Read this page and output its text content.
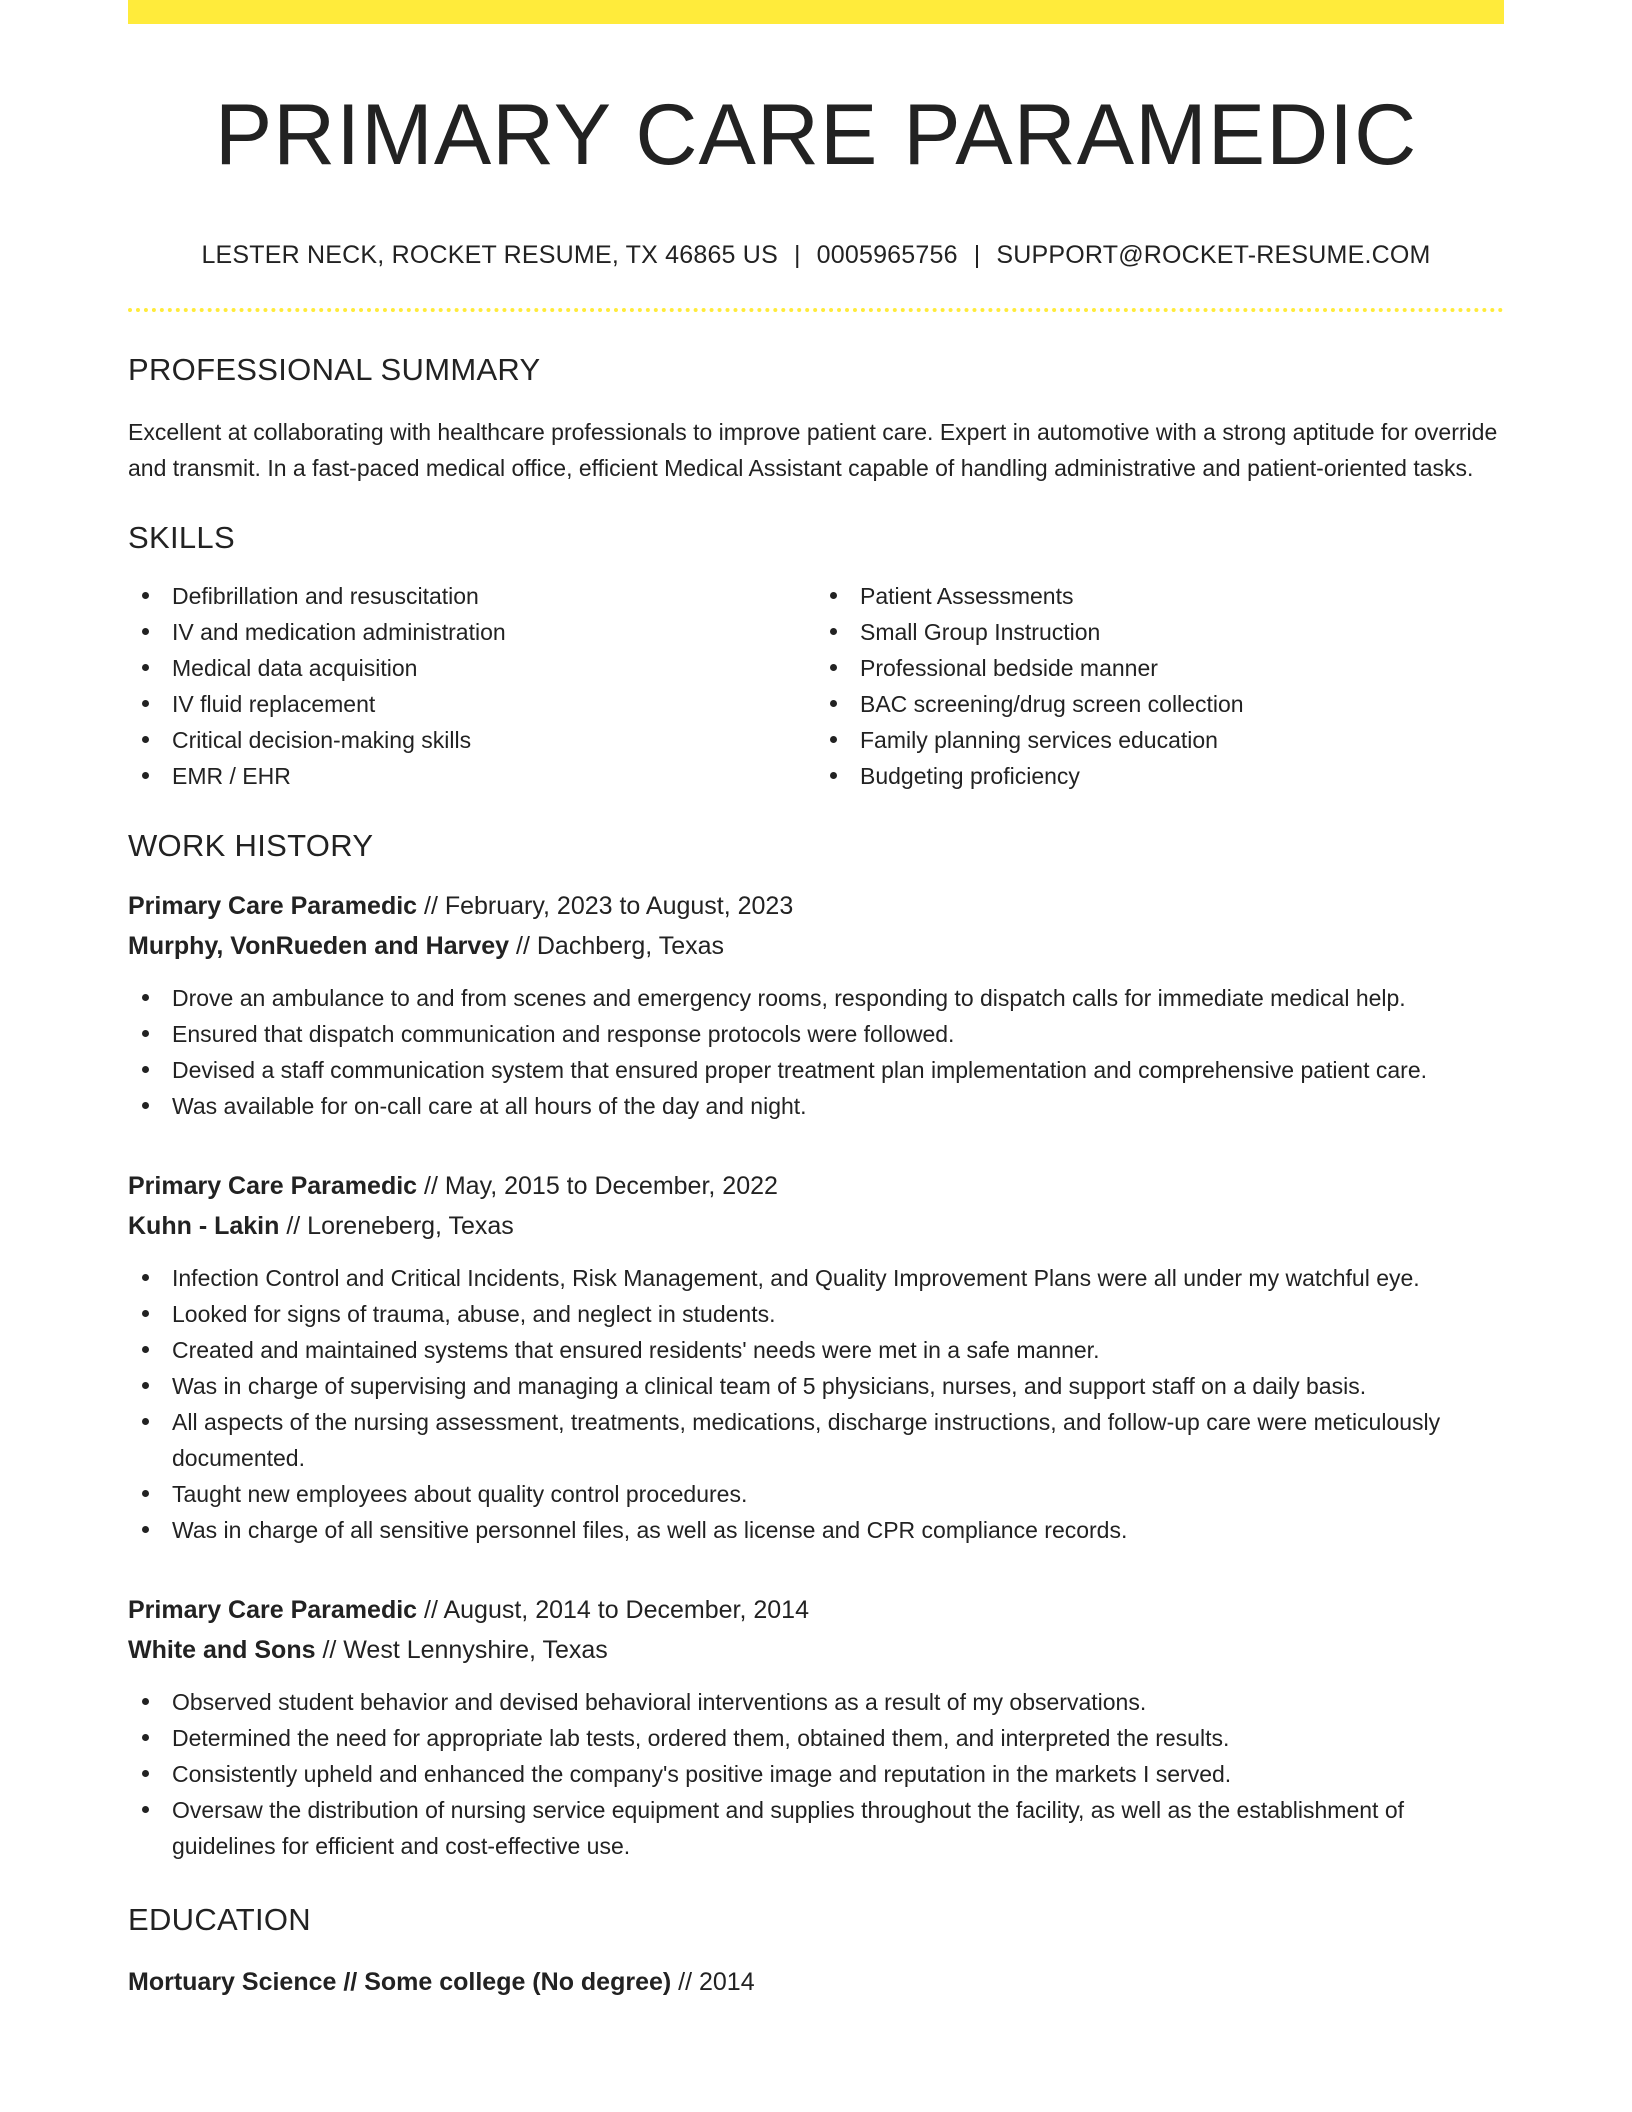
PRIMARY CARE PARAMEDIC
LESTER NECK, ROCKET RESUME, TX 46865 US | 0005965756 | SUPPORT@ROCKET-RESUME.COM
PROFESSIONAL SUMMARY

Excellent at collaborating with healthcare professionals to improve patient care. Expert in automotive with a strong aptitude for override and transmit. In a fast-paced medical office, efficient Medical Assistant capable of handling administrative and patient-oriented tasks.

SKILLS
Defibrillation and resuscitation
IV and medication administration
Medical data acquisition
IV fluid replacement
Critical decision-making skills
EMR / EHR
Patient Assessments
Small Group Instruction
Professional bedside manner
BAC screening/drug screen collection
Family planning services education
Budgeting proficiency
WORK HISTORY
Primary Care Paramedic // February, 2023 to August, 2023
Murphy, VonRueden and Harvey // Dachberg, Texas
Drove an ambulance to and from scenes and emergency rooms, responding to dispatch calls for immediate medical help.
Ensured that dispatch communication and response protocols were followed.
Devised a staff communication system that ensured proper treatment plan implementation and comprehensive patient care.
Was available for on-call care at all hours of the day and night.
Primary Care Paramedic // May, 2015 to December, 2022
Kuhn - Lakin // Loreneberg, Texas
Infection Control and Critical Incidents, Risk Management, and Quality Improvement Plans were all under my watchful eye.
Looked for signs of trauma, abuse, and neglect in students.
Created and maintained systems that ensured residents' needs were met in a safe manner.
Was in charge of supervising and managing a clinical team of 5 physicians, nurses, and support staff on a daily basis.
All aspects of the nursing assessment, treatments, medications, discharge instructions, and follow-up care were meticulously documented.
Taught new employees about quality control procedures.
Was in charge of all sensitive personnel files, as well as license and CPR compliance records.
Primary Care Paramedic // August, 2014 to December, 2014
White and Sons // West Lennyshire, Texas
Observed student behavior and devised behavioral interventions as a result of my observations.
Determined the need for appropriate lab tests, ordered them, obtained them, and interpreted the results.
Consistently upheld and enhanced the company's positive image and reputation in the markets I served.
Oversaw the distribution of nursing service equipment and supplies throughout the facility, as well as the establishment of guidelines for efficient and cost-effective use.
EDUCATION
Mortuary Science // Some college (No degree) // 2014
